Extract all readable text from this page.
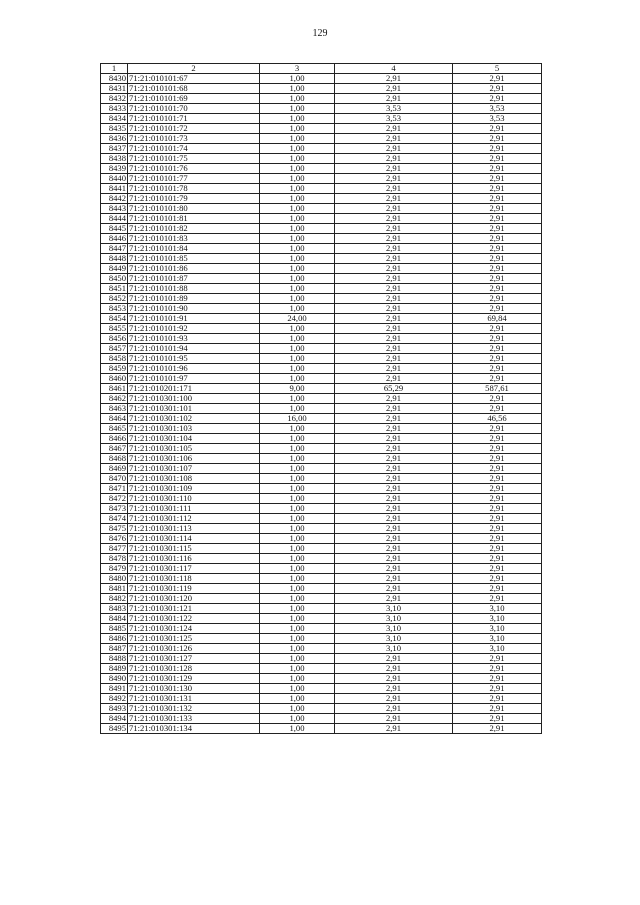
129
1	2	3	4	5
8430	71:21:010101:67	1,00	2,91	2,91
8431	71:21:010101:68	1,00	2,91	2,91
8432	71:21:010101:69	1,00	2,91	2,91
8433	71:21:010101:70	1,00	3,53	3,53
8434	71:21:010101:71	1,00	3,53	3,53
8435	71:21:010101:72	1,00	2,91	2,91
8436	71:21:010101:73	1,00	2,91	2,91
8437	71:21:010101:74	1,00	2,91	2,91
8438	71:21:010101:75	1,00	2,91	2,91
8439	71:21:010101:76	1,00	2,91	2,91
8440	71:21:010101:77	1,00	2,91	2,91
8441	71:21:010101:78	1,00	2,91	2,91
8442	71:21:010101:79	1,00	2,91	2,91
8443	71:21:010101:80	1,00	2,91	2,91
8444	71:21:010101:81	1,00	2,91	2,91
8445	71:21:010101:82	1,00	2,91	2,91
8446	71:21:010101:83	1,00	2,91	2,91
8447	71:21:010101:84	1,00	2,91	2,91
8448	71:21:010101:85	1,00	2,91	2,91
8449	71:21:010101:86	1,00	2,91	2,91
8450	71:21:010101:87	1,00	2,91	2,91
8451	71:21:010101:88	1,00	2,91	2,91
8452	71:21:010101:89	1,00	2,91	2,91
8453	71:21:010101:90	1,00	2,91	2,91
8454	71:21:010101:91	24,00	2,91	69,84
8455	71:21:010101:92	1,00	2,91	2,91
8456	71:21:010101:93	1,00	2,91	2,91
8457	71:21:010101:94	1,00	2,91	2,91
8458	71:21:010101:95	1,00	2,91	2,91
8459	71:21:010101:96	1,00	2,91	2,91
8460	71:21:010101:97	1,00	2,91	2,91
8461	71:21:010201:171	9,00	65,29	587,61
8462	71:21:010301:100	1,00	2,91	2,91
8463	71:21:010301:101	1,00	2,91	2,91
8464	71:21:010301:102	16,00	2,91	46,56
8465	71:21:010301:103	1,00	2,91	2,91
8466	71:21:010301:104	1,00	2,91	2,91
8467	71:21:010301:105	1,00	2,91	2,91
8468	71:21:010301:106	1,00	2,91	2,91
8469	71:21:010301:107	1,00	2,91	2,91
8470	71:21:010301:108	1,00	2,91	2,91
8471	71:21:010301:109	1,00	2,91	2,91
8472	71:21:010301:110	1,00	2,91	2,91
8473	71:21:010301:111	1,00	2,91	2,91
8474	71:21:010301:112	1,00	2,91	2,91
8475	71:21:010301:113	1,00	2,91	2,91
8476	71:21:010301:114	1,00	2,91	2,91
8477	71:21:010301:115	1,00	2,91	2,91
8478	71:21:010301:116	1,00	2,91	2,91
8479	71:21:010301:117	1,00	2,91	2,91
8480	71:21:010301:118	1,00	2,91	2,91
8481	71:21:010301:119	1,00	2,91	2,91
8482	71:21:010301:120	1,00	2,91	2,91
8483	71:21:010301:121	1,00	3,10	3,10
8484	71:21:010301:122	1,00	3,10	3,10
8485	71:21:010301:124	1,00	3,10	3,10
8486	71:21:010301:125	1,00	3,10	3,10
8487	71:21:010301:126	1,00	3,10	3,10
8488	71:21:010301:127	1,00	2,91	2,91
8489	71:21:010301:128	1,00	2,91	2,91
8490	71:21:010301:129	1,00	2,91	2,91
8491	71:21:010301:130	1,00	2,91	2,91
8492	71:21:010301:131	1,00	2,91	2,91
8493	71:21:010301:132	1,00	2,91	2,91
8494	71:21:010301:133	1,00	2,91	2,91
8495	71:21:010301:134	1,00	2,91	2,91
